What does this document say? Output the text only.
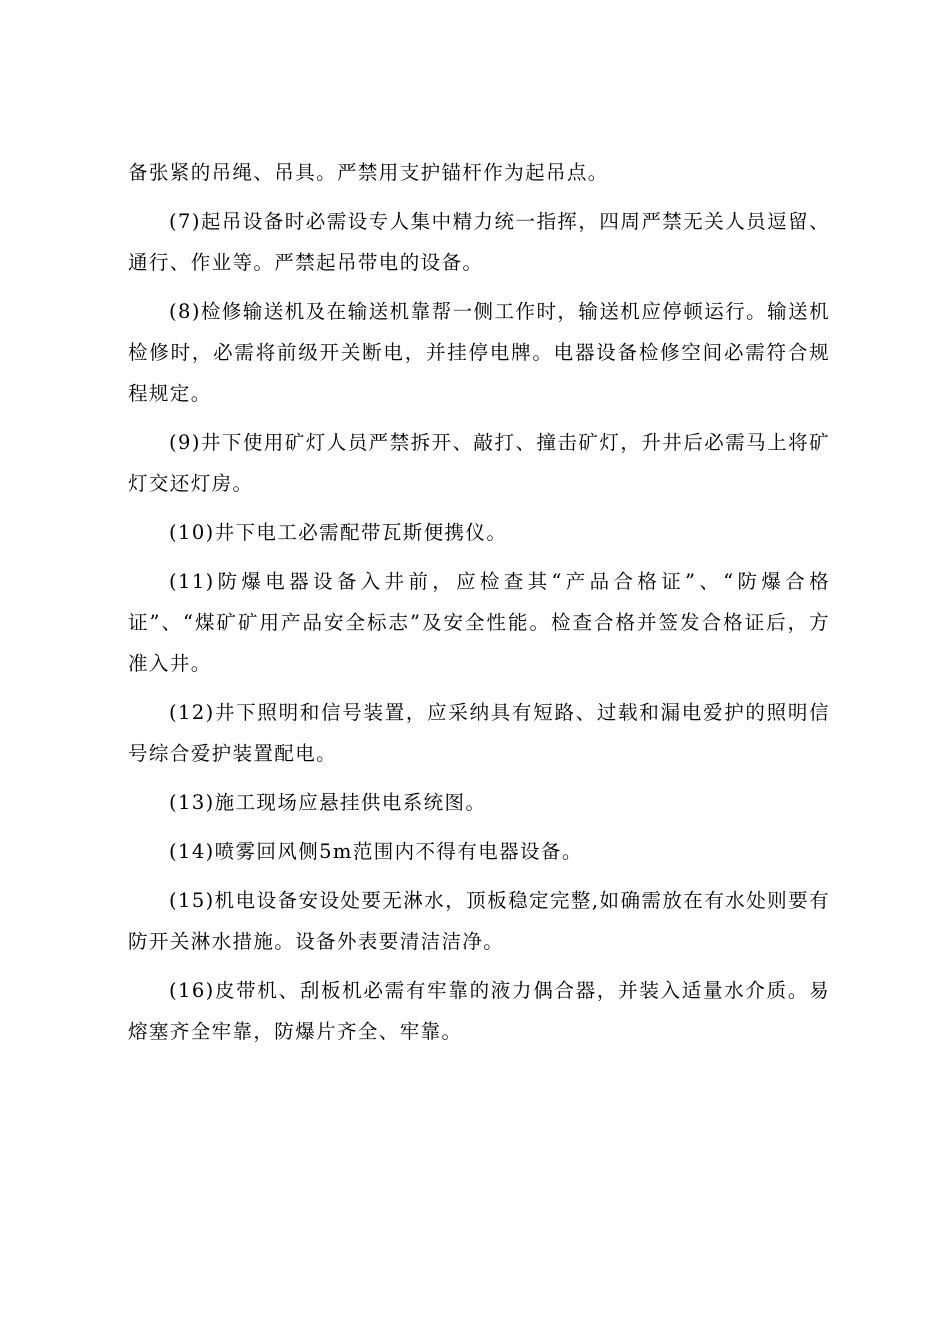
备张紧的吊绳、吊具。严禁用支护锚杆作为起吊点。

(7)起吊设备时必需设专人集中精力统一指挥，四周严禁无关人员逗留、通行、作业等。严禁起吊带电的设备。

(8)检修输送机及在输送机靠帮一侧工作时，输送机应停顿运行。输送机检修时，必需将前级开关断电，并挂停电牌。电器设备检修空间必需符合规程规定。

(9)井下使用矿灯人员严禁拆开、敲打、撞击矿灯，升井后必需马上将矿灯交还灯房。

(10)井下电工必需配带瓦斯便携仪。

(11)防爆电器设备入井前，应检查其“产品合格证”、“防爆合格证”、“煤矿矿用产品安全标志”及安全性能。检查合格并签发合格证后，方准入井。

(12)井下照明和信号装置，应采纳具有短路、过载和漏电爱护的照明信号综合爱护装置配电。

(13)施工现场应悬挂供电系统图。

(14)喷雾回风侧5m范围内不得有电器设备。

(15)机电设备安设处要无淋水，顶板稳定完整,如确需放在有水处则要有防开关淋水措施。设备外表要清洁洁净。

(16)皮带机、刮板机必需有牢靠的液力偶合器，并装入适量水介质。易熔塞齐全牢靠，防爆片齐全、牢靠。
